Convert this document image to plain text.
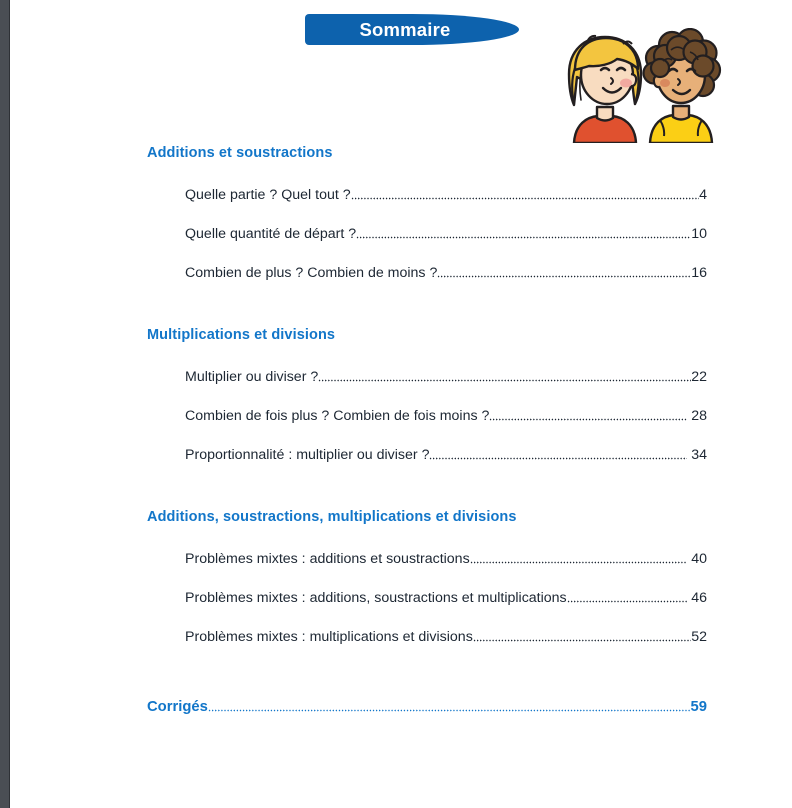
Sommaire
Additions et soustractions
Quelle partie ? Quel tout ?	4
Quelle quantité de départ ?	10
Combien de plus ? Combien de moins ?	16
Multiplications et divisions
Multiplier ou diviser ?	22
Combien de fois plus ? Combien de fois moins ?	28
Proportionnalité : multiplier ou diviser ?	34
Additions, soustractions, multiplications et divisions
Problèmes mixtes : additions et soustractions	40
Problèmes mixtes : additions, soustractions et multiplications	46
Problèmes mixtes : multiplications et divisions	52
Corrigés	59
